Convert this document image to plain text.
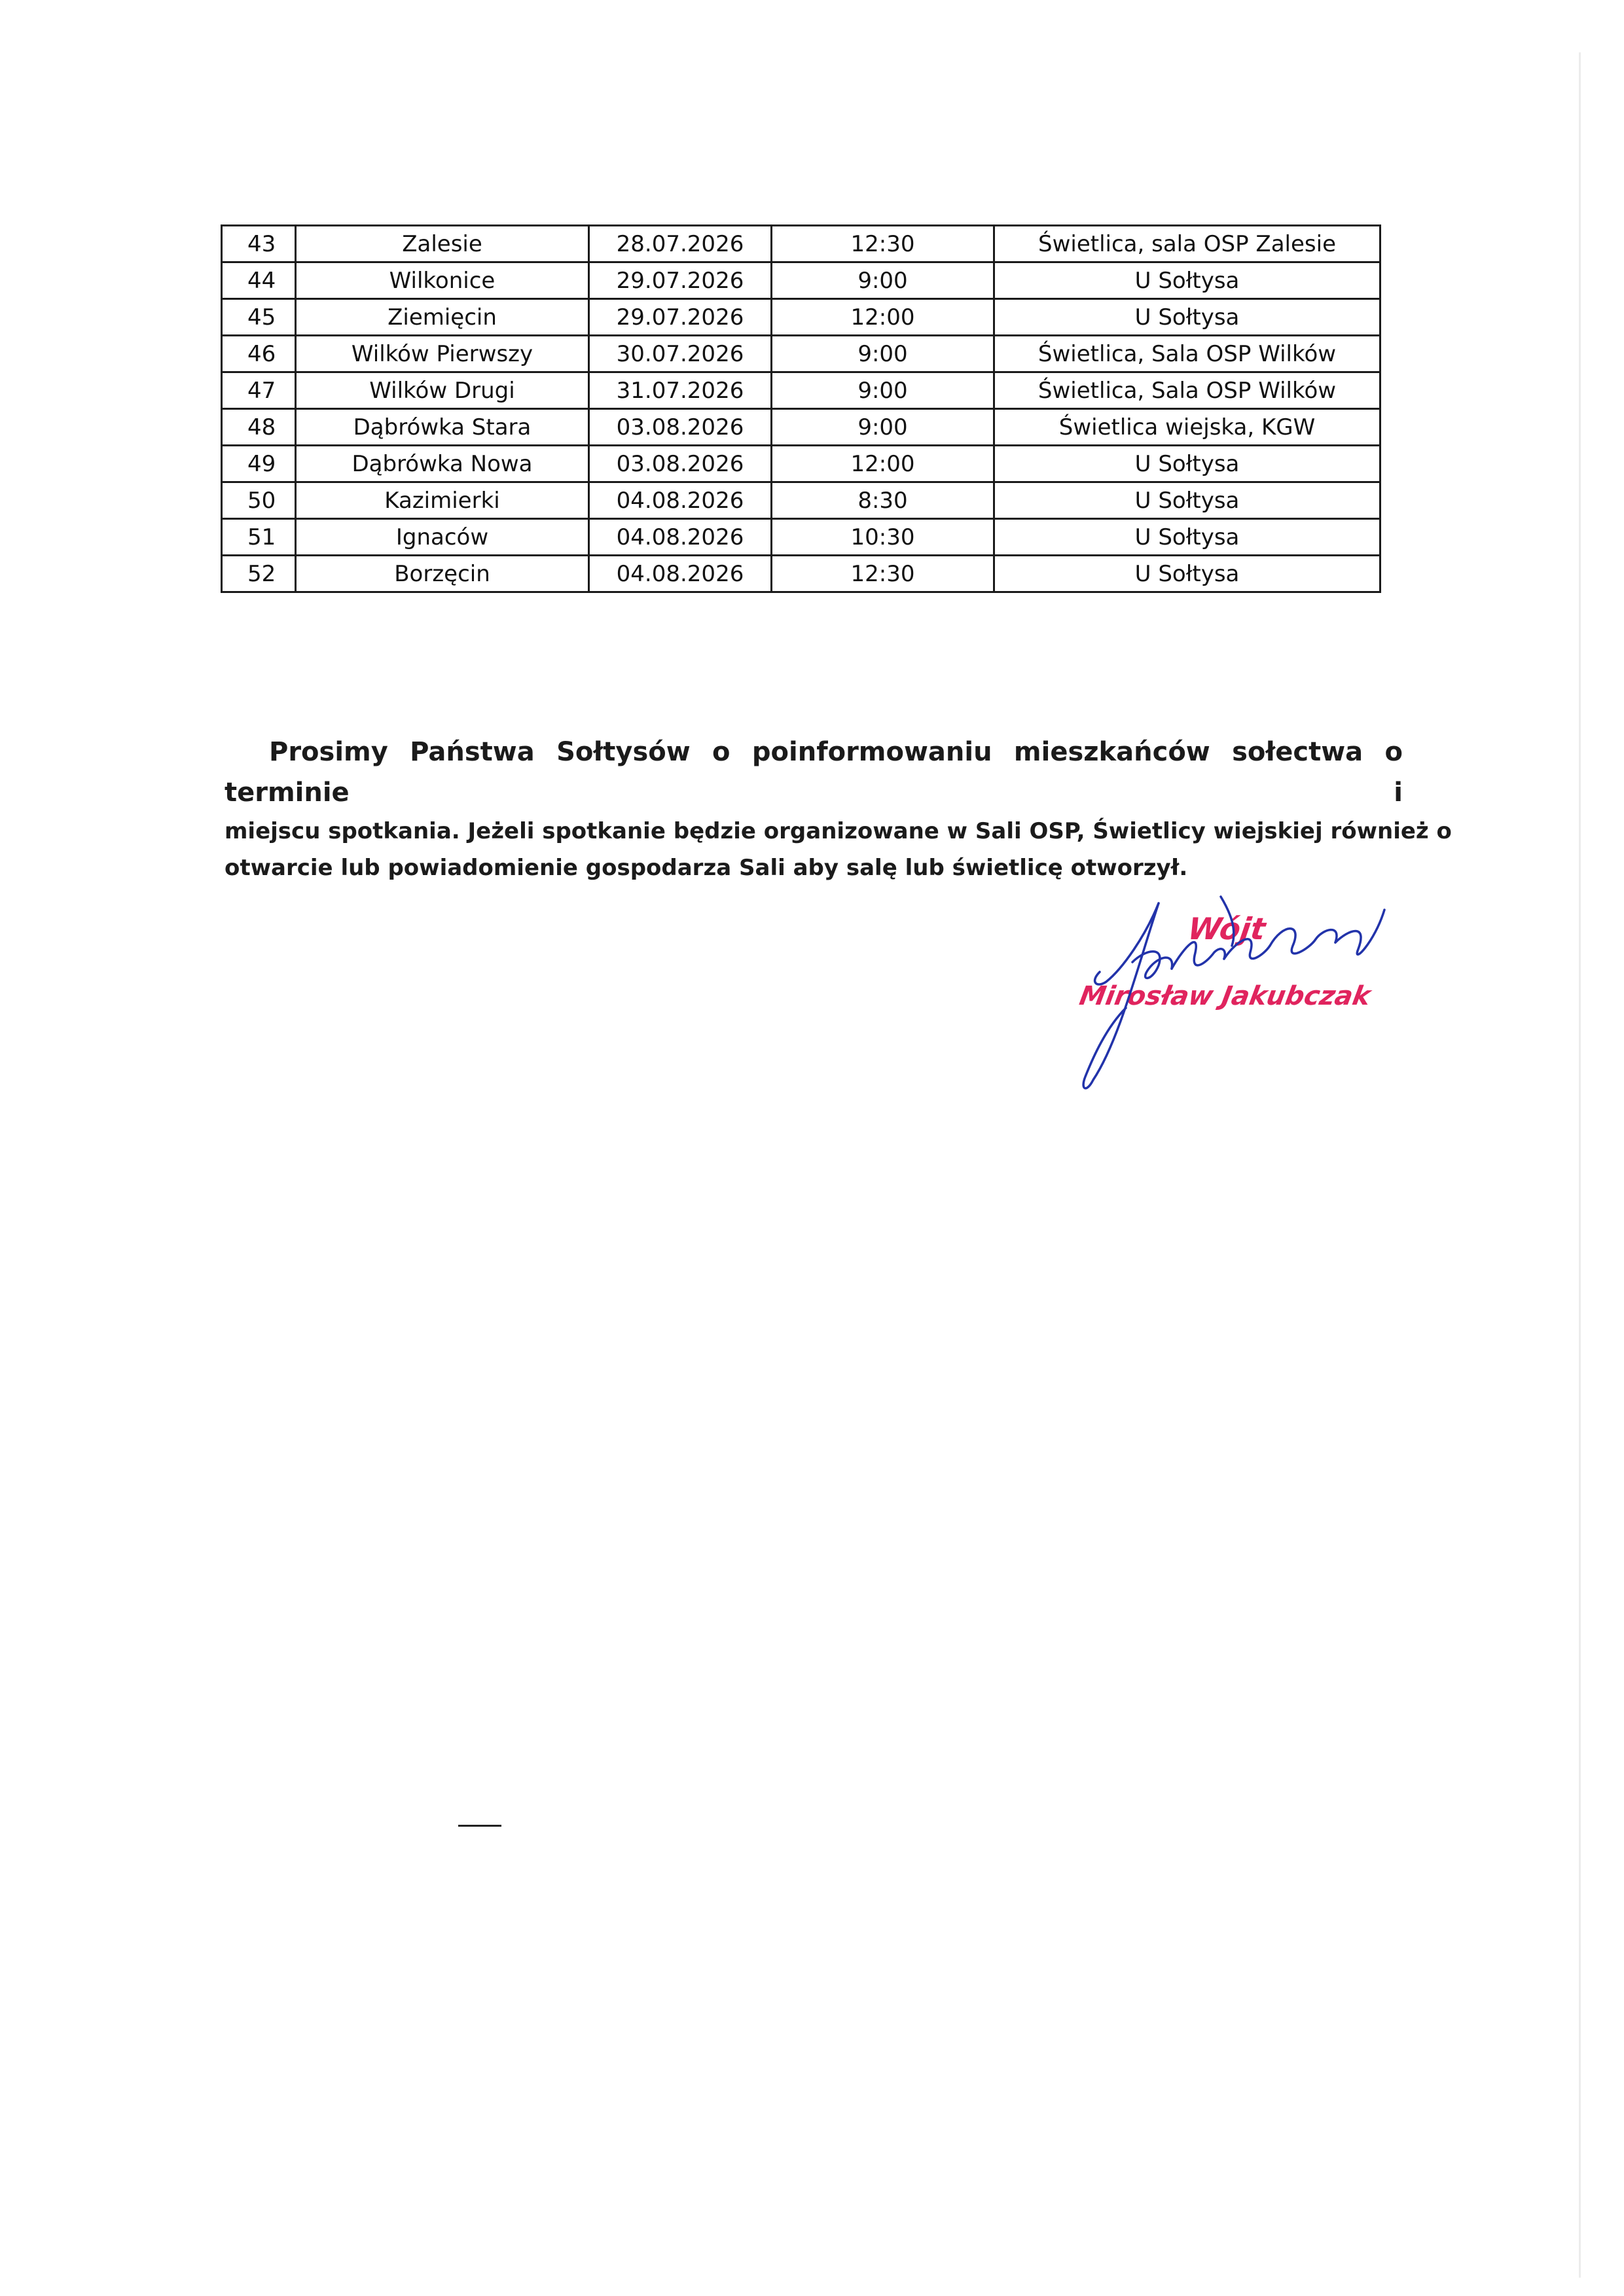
43	Zalesie	28.07.2026	12:30	Świetlica, sala OSP Zalesie
44	Wilkonice	29.07.2026	9:00	U Sołtysa
45	Ziemięcin	29.07.2026	12:00	U Sołtysa
46	Wilków Pierwszy	30.07.2026	9:00	Świetlica, Sala OSP Wilków
47	Wilków Drugi	31.07.2026	9:00	Świetlica, Sala OSP Wilków
48	Dąbrówka Stara	03.08.2026	9:00	Świetlica wiejska, KGW
49	Dąbrówka Nowa	03.08.2026	12:00	U Sołtysa
50	Kazimierki	04.08.2026	8:30	U Sołtysa
51	Ignaców	04.08.2026	10:30	U Sołtysa
52	Borzęcin	04.08.2026	12:30	U Sołtysa

Prosimy Państwa Sołtysów o poinformowaniu mieszkańców sołectwa o terminie i
miejscu spotkania. Jeżeli spotkanie będzie organizowane w Sali OSP, Świetlicy wiejskiej również o
otwarcie lub powiadomienie gospodarza Sali aby salę lub świetlicę otworzył.

Wójt
Mirosław Jakubczak
